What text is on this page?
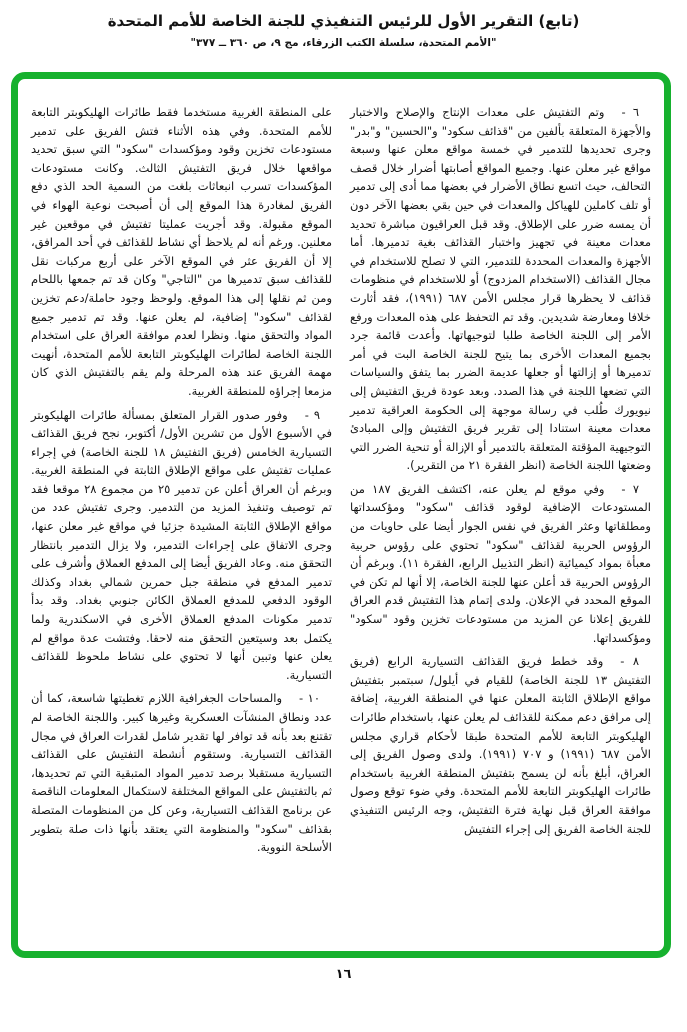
(تابع) التقرير الأول للرئيس التنفيذي للجنة الخاصة للأمم المتحدة
"الأمم المتحدة، سلسلة الكتب الزرقاء، مج ٩، ص ٣٦٠ ــ ٣٧٧"

٦ -وتم التفتيش على معدات الإنتاج والإصلاح والاختبار والأجهزة المتعلقة بألفين من "قذائف سكود" و"الحسين" و"بدر" وجرى تحديدها للتدمير في خمسة مواقع معلن عنها وسبعة مواقع غير معلن عنها. وجميع المواقع أصابتها أضرار خلال قصف التحالف، حيث اتسع نطاق الأضرار في بعضها مما أدى إلى تدمير أو تلف كاملين للهياكل والمعدات في حين بقي بعضها الآخر دون أن يمسه ضرر على الإطلاق. وقد قبل العراقيون مباشرة تحديد معدات معينة في تجهيز واختبار القذائف بغية تدميرها. أما الأجهزة والمعدات المحددة للتدمير، التي لا تصلح للاستخدام في مجال القذائف (الاستخدام المزدوج) أو للاستخدام في منظومات قذائف لا يحظرها قرار مجلس الأمن ٦٨٧ (١٩٩١)، فقد أثارت خلافا ومعارضة شديدين. وقد تم التحفظ على هذه المعدات ورفع الأمر إلى اللجنة الخاصة طلبا لتوجيهاتها. وأعدت قائمة جرد بجميع المعدات الأخرى بما يتيح للجنة الخاصة البت في أمر تدميرها أو إزالتها أو جعلها عديمة الضرر بما يتفق والسياسات التي تضعها اللجنة في هذا الصدد. وبعد عودة فريق التفتيش إلى نيويورك طُلب في رسالة موجهة إلى الحكومة العراقية تدمير معدات معينة استنادا إلى تقرير فريق التفتيش وإلى المبادئ التوجيهية المؤقتة المتعلقة بالتدمير أو الإزالة أو تنحية الضرر التي وضعتها اللجنة الخاصة (انظر الفقرة ٢١ من التقرير).

٧ -وفي موقع لم يعلن عنه، اكتشف الفريق ١٨٧ من المستودعات الإضافية لوقود قذائف "سكود" ومؤكسداتها ومطلقاتها وعثر الفريق في نفس الجوار أيضا على حاويات من الرؤوس الحربية لقذائف "سكود" تحتوي على رؤوس حربية معبأة بمواد كيميائية (انظر التذييل الرابع، الفقرة ١١). وبرغم أن الرؤوس الحربية قد أعلن عنها للجنة الخاصة، إلا أنها لم تكن في الموقع المحدد في الإعلان. ولدى إتمام هذا التفتيش قدم العراق للفريق إعلانا عن المزيد من مستودعات تخزين وقود "سكود" ومؤكسداتها.

٨ -وقد خطط فريق القذائف التسيارية الرابع (فريق التفتيش ١٣ للجنة الخاصة) للقيام في أيلول/ سبتمبر بتفتيش مواقع الإطلاق الثابتة المعلن عنها في المنطقة الغربية، إضافة إلى مرافق دعم ممكنة للقذائف لم يعلن عنها، باستخدام طائرات الهليكوبتر التابعة للأمم المتحدة طبقا لأحكام قراري مجلس الأمن ٦٨٧ (١٩٩١) و ٧٠٧ (١٩٩١). ولدى وصول الفريق إلى العراق، أبلغ بأنه لن يسمح بتفتيش المنطقة الغربية باستخدام طائرات الهليكوبتر التابعة للأمم المتحدة. وفي ضوء توقع وصول موافقة العراق قبل نهاية فترة التفتيش، وجه الرئيس التنفيذي للجنة الخاصة الفريق إلى إجراء التفتيش

على المنطقة الغربية مستخدما فقط طائرات الهليكوبتر التابعة للأمم المتحدة. وفي هذه الأثناء فتش الفريق على تدمير مستودعات تخزين وقود ومؤكسدات "سكود" التي سبق تحديد مواقعها خلال فريق التفتيش الثالث. وكانت مستودعات المؤكسدات تسرب انبعاثات بلغت من السمية الحد الذي دفع الفريق لمغادرة هذا الموقع إلى أن أصبحت نوعية الهواء في الموقع مقبولة. وقد أجريت عمليتا تفتيش في موقعين غير معلنين. ورغم أنه لم يلاحظ أي نشاط للقذائف في أحد المرافق، إلا أن الفريق عثر في الموقع الآخر على أربع مركبات نقل للقذائف سبق تدميرها من "التاجي" وكان قد تم جمعها باللحام ومن ثم نقلها إلى هذا الموقع. ولوحظ وجود حاملة/دعم تخزين لقذائف "سكود" إضافية، لم يعلن عنها. وقد تم تدمير جميع المواد والتحقق منها. ونظرا لعدم موافقة العراق على استخدام اللجنة الخاصة لطائرات الهليكوبتر التابعة للأمم المتحدة، أنهيت مهمة الفريق عند هذه المرحلة ولم يقم بالتفتيش الذي كان مزمعا إجراؤه للمنطقة الغربية.

٩ -وفور صدور القرار المتعلق بمسألة طائرات الهليكوبتر في الأسبوع الأول من تشرين الأول/ أكتوبر، نجح فريق القذائف التسيارية الخامس (فريق التفتيش ١٨ للجنة الخاصة) في إجراء عمليات تفتيش على مواقع الإطلاق الثابتة في المنطقة الغربية. وبرغم أن العراق أعلن عن تدمير ٢٥ من مجموع ٢٨ موقعا فقد تم توصيف وتنفيذ المزيد من التدمير. وجرى تفتيش عدد من مواقع الإطلاق الثابتة المشيدة جزئيا في مواقع غير معلن عنها، وجرى الاتفاق على إجراءات التدمير، ولا يزال التدمير بانتظار التحقق منه. وعاد الفريق أيضا إلى المدفع العملاق وأشرف على تدمير المدفع في منطقة جبل حمرين شمالي بغداد وكذلك الوقود الدفعي للمدفع العملاق الكائن جنوبي بغداد. وقد بدأ تدمير مكونات المدفع العملاق الأخرى في الاسكندرية ولما يكتمل بعد وسيتعين التحقق منه لاحقا. وفتشت عدة مواقع لم يعلن عنها وتبين أنها لا تحتوي على نشاط ملحوظ للقذائف التسيارية.

١٠ -والمساحات الجغرافية اللازم تغطيتها شاسعة، كما أن عدد ونطاق المنشآت العسكرية وغيرها كبير. واللجنة الخاصة لم تقتنع بعد بأنه قد توافر لها تقدير شامل لقدرات العراق في مجال القذائف التسيارية. وستقوم أنشطة التفتيش على القذائف التسيارية مستقبلا برصد تدمير المواد المتبقية التي تم تحديدها، ثم بالتفتيش على المواقع المختلفة لاستكمال المعلومات الناقصة عن برنامج القذائف التسيارية، وعن كل من المنظومات المتصلة بقذائف "سكود" والمنظومة التي يعتقد بأنها ذات صلة بتطوير الأسلحة النووية.

١٦
